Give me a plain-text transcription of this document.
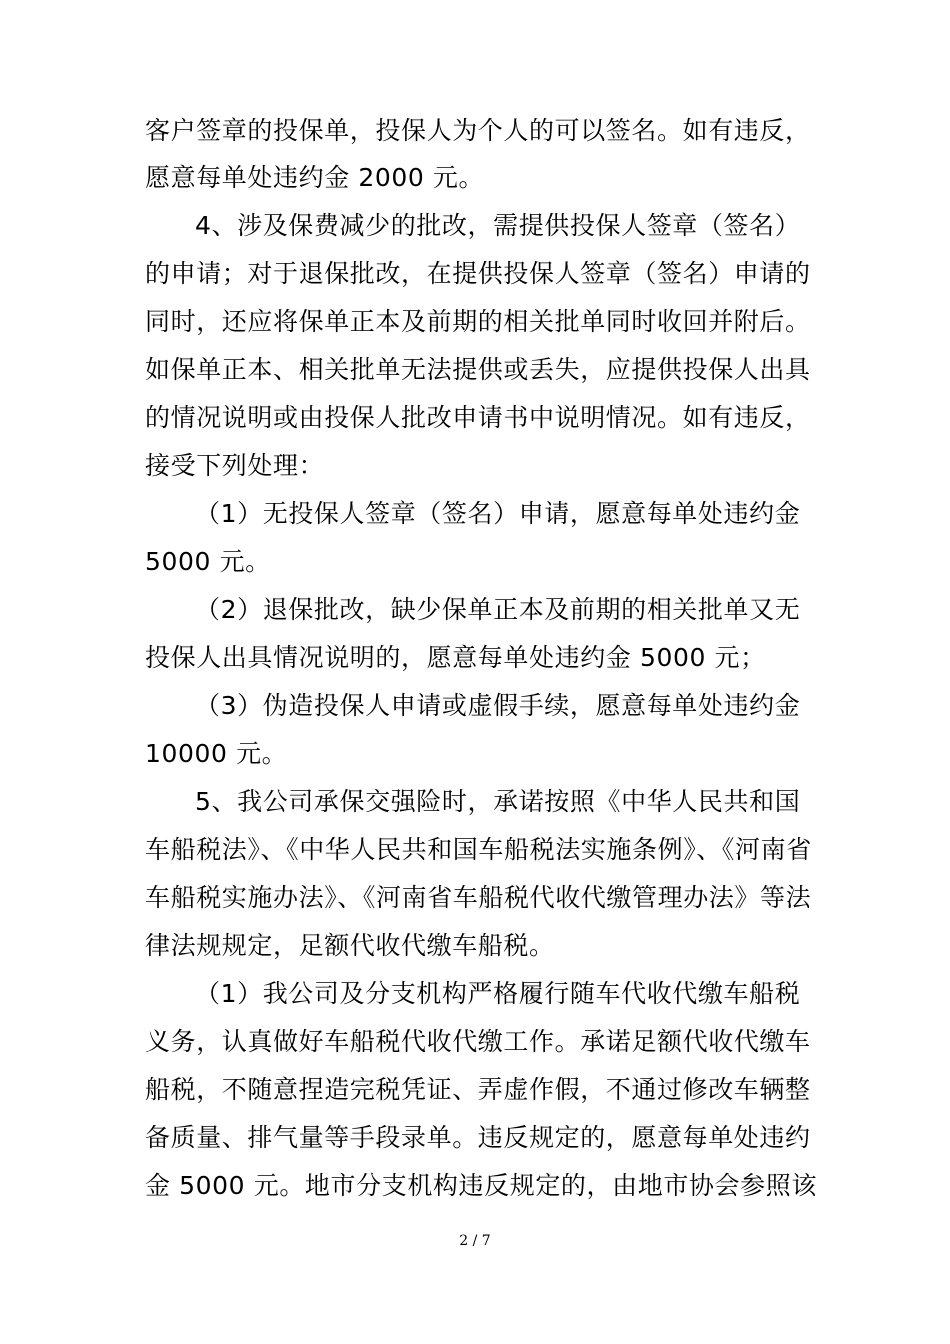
客户签章的投保单，投保人为个人的可以签名。如有违反，
愿意每单处违约金 2000 元。
4、涉及保费减少的批改，需提供投保人签章（签名）
的申请；对于退保批改，在提供投保人签章（签名）申请的
同时，还应将保单正本及前期的相关批单同时收回并附后。
如保单正本、相关批单无法提供或丢失，应提供投保人出具
的情况说明或由投保人批改申请书中说明情况。如有违反，
接受下列处理：
（1）无投保人签章（签名）申请，愿意每单处违约金
5000 元。
（2）退保批改，缺少保单正本及前期的相关批单又无
投保人出具情况说明的，愿意每单处违约金 5000 元；
（3）伪造投保人申请或虚假手续，愿意每单处违约金
10000 元。
5、我公司承保交强险时，承诺按照《中华人民共和国
车船税法》、《中华人民共和国车船税法实施条例》、《河南省
车船税实施办法》、《河南省车船税代收代缴管理办法》等法
律法规规定，足额代收代缴车船税。
（1）我公司及分支机构严格履行随车代收代缴车船税
义务，认真做好车船税代收代缴工作。承诺足额代收代缴车
船税，不随意捏造完税凭证、弄虚作假，不通过修改车辆整
备质量、排气量等手段录单。违反规定的，愿意每单处违约
金 5000 元。地市分支机构违反规定的，由地市协会参照该
2 / 7
